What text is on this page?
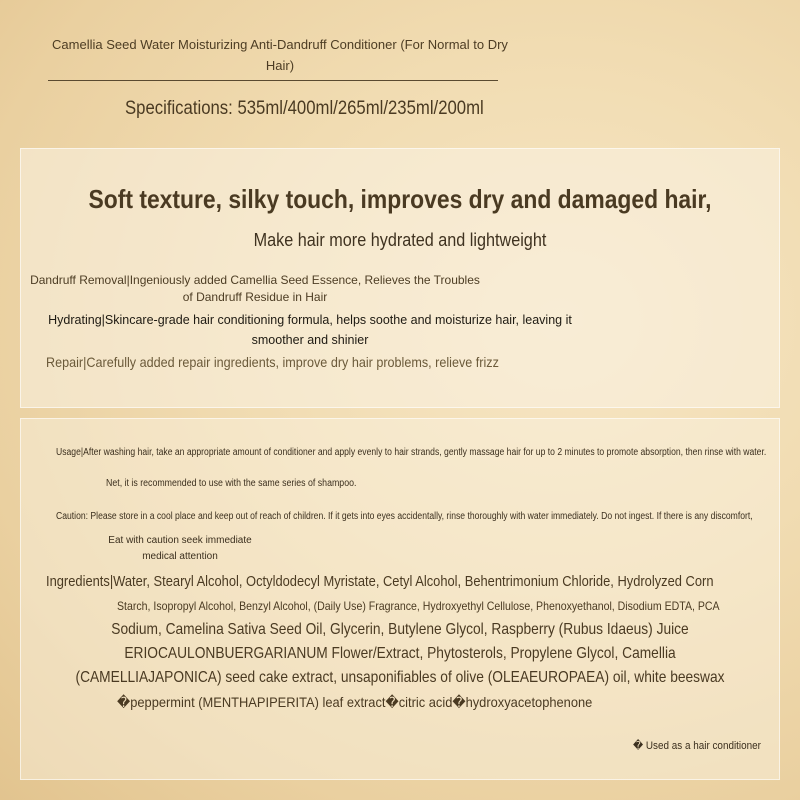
Camellia Seed Water Moisturizing Anti-Dandruff Conditioner (For Normal to Dry Hair)
Specifications: 535ml/400ml/265ml/235ml/200ml
Soft texture, silky touch, improves dry and damaged hair,
Make hair more hydrated and lightweight
Dandruff Removal|Ingeniously added Camellia Seed Essence, Relieves the Troubles of Dandruff Residue in Hair
Hydrating|Skincare-grade hair conditioning formula, helps soothe and moisturize hair, leaving it smoother and shinier
Repair|Carefully added repair ingredients, improve dry hair problems, relieve frizz
Usage|After washing hair, take an appropriate amount of conditioner and apply evenly to hair strands, gently massage hair for up to 2 minutes to promote absorption, then rinse with water.
Net, it is recommended to use with the same series of shampoo.
Caution: Please store in a cool place and keep out of reach of children. If it gets into eyes accidentally, rinse thoroughly with water immediately. Do not ingest. If there is any discomfort,
Eat with caution seek immediate medical attention
Ingredients|Water, Stearyl Alcohol, Octyldodecyl Myristate, Cetyl Alcohol, Behentrimonium Chloride, Hydrolyzed Corn
Starch, Isopropyl Alcohol, Benzyl Alcohol, (Daily Use) Fragrance, Hydroxyethyl Cellulose, Phenoxyethanol, Disodium EDTA, PCA
Sodium, Camelina Sativa Seed Oil, Glycerin, Butylene Glycol, Raspberry (Rubus Idaeus) Juice
ERIOCAULONBUERGARIANUM Flower/Extract, Phytosterols, Propylene Glycol, Camellia
(CAMELLIAJAPONICA) seed cake extract, unsaponifiables of olive (OLEAEUROPAEA) oil, white beeswax
�peppermint (MENTHAPIPERITA) leaf extract�citric acid�hydroxyacetophenone
� Used as a hair conditioner
